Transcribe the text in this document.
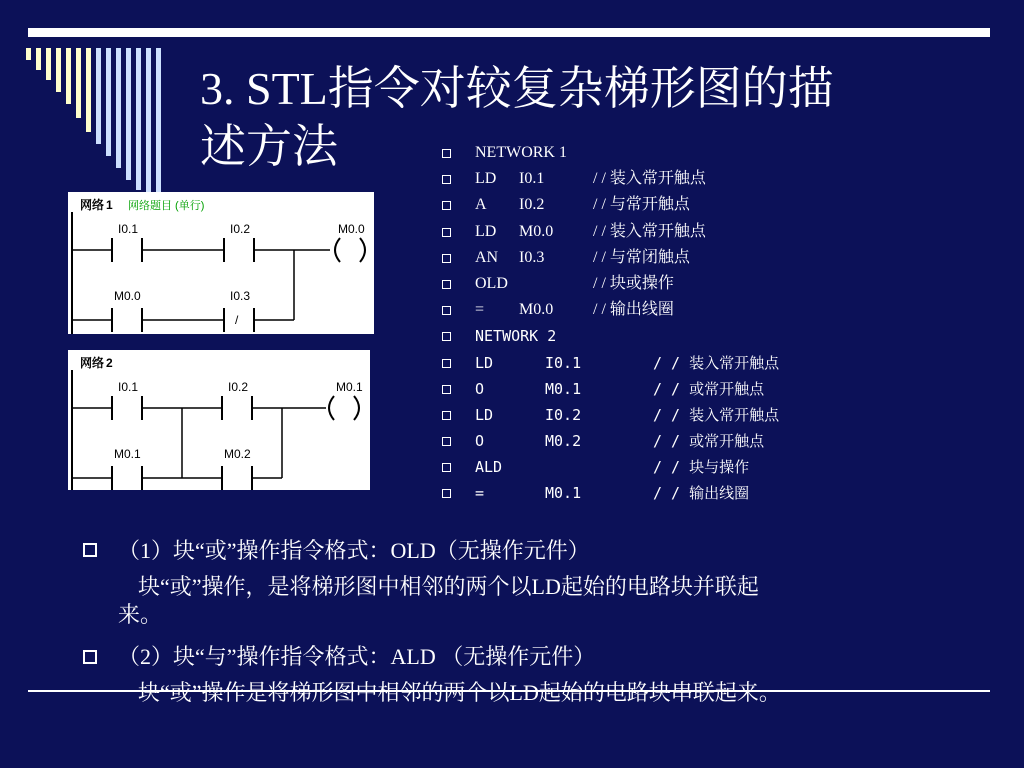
3. STL指令对较复杂梯形图的描
述方法
网络 1 网络题目 (单行)
I0.1	I0.2	M0.0
M0.0	I0.3
/
网络 2
I0.1	I0.2	M0.1
M0.1	M0.2
NETWORK 1
LD I0.1	/ / 装入常开触点
A I0.2	/ / 与常开触点
LD M0.0 / / 装入常开触点
AN I0.3	/ / 与常闭触点
OLD	/ / 块或操作
= M0.0 / / 输出线圈
NETWORK 2
LD	I0.1	/ / 装入常开触点
O	M0.1	/ / 或常开触点
LD	I0.2	/ / 装入常开触点
O	M0.2	/ / 或常开触点
ALD	/ / 块与操作
=	M0.1	/ / 输出线圈
（1）块“或”操作指令格式：OLD（无操作元件）
块“或”操作，是将梯形图中相邻的两个以LD起始的电路块并联起
来。
（2）块“与”操作指令格式：ALD （无操作元件）
块“或”操作是将梯形图中相邻的两个以LD起始的电路块串联起来。
